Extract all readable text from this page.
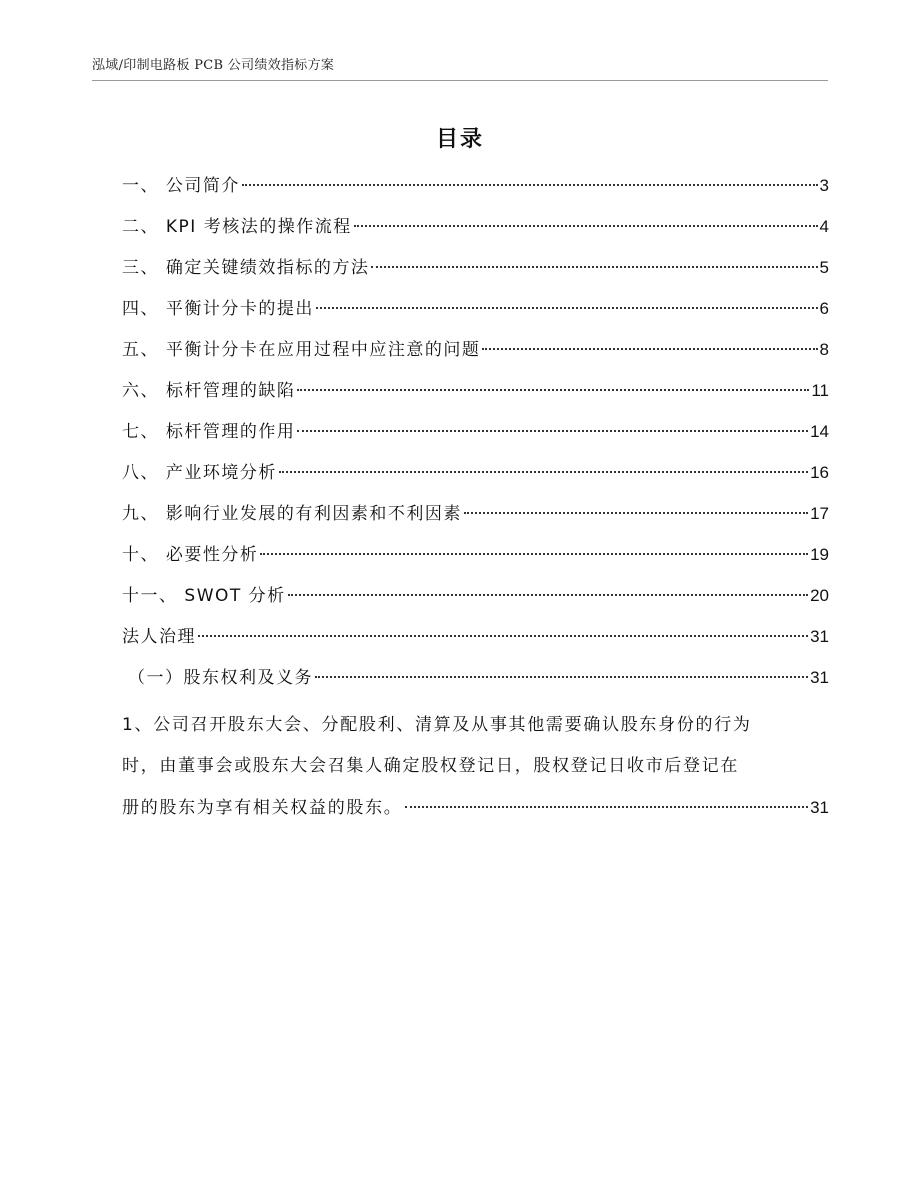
泓域/印制电路板 PCB 公司绩效指标方案
目录
一、 公司简介	3
二、 KPI 考核法的操作流程	4
三、 确定关键绩效指标的方法	5
四、 平衡计分卡的提出	6
五、 平衡计分卡在应用过程中应注意的问题	8
六、 标杆管理的缺陷	11
七、 标杆管理的作用	14
八、 产业环境分析	16
九、 影响行业发展的有利因素和不利因素	17
十、 必要性分析	19
十一、 SWOT 分析	20
法人治理	31
（一）股东权利及义务	31
1、公司召开股东大会、分配股利、清算及从事其他需要确认股东身份的行为
时，由董事会或股东大会召集人确定股权登记日，股权登记日收市后登记在
册的股东为享有相关权益的股东。	31
